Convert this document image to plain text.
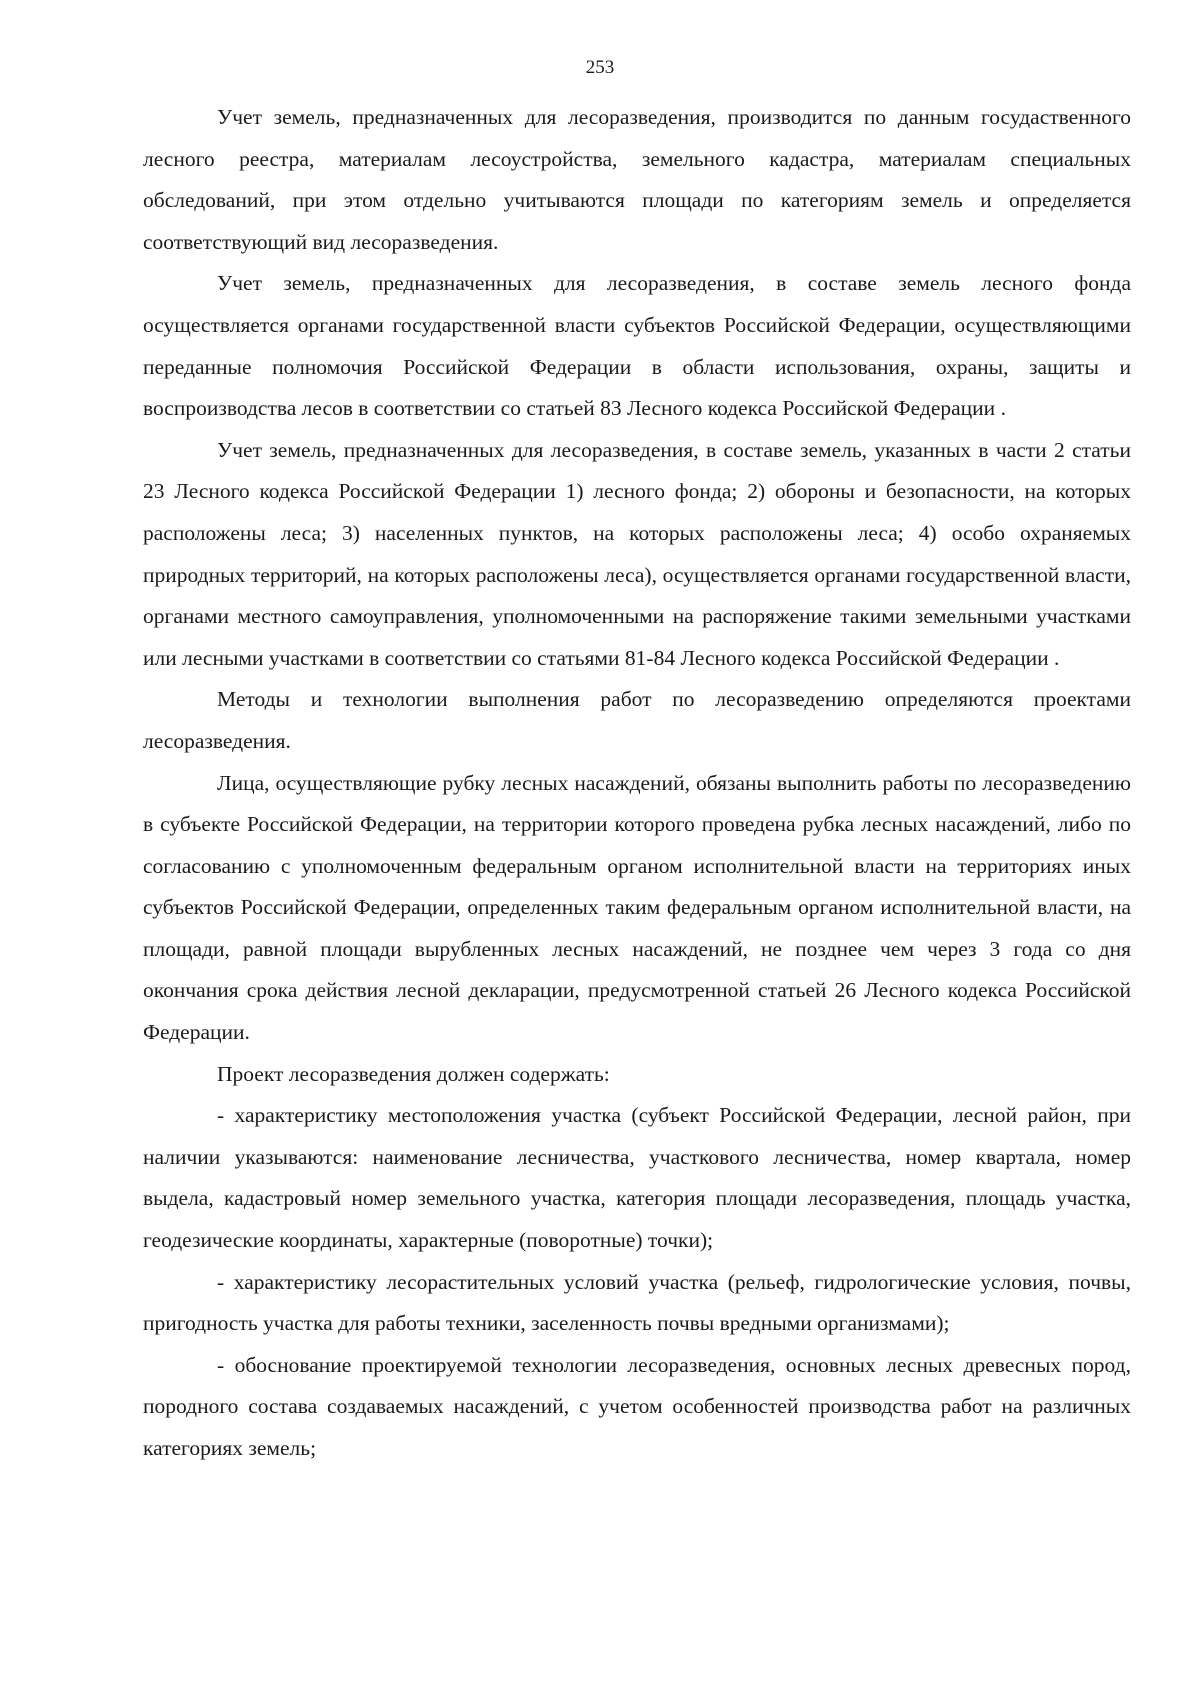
253

Учет земель, предназначенных для лесоразведения, производится по данным госудаственного лесного реестра, материалам лесоустройства, земельного кадастра, материалам специальных обследований, при этом отдельно учитываются площади по категориям земель и определяется соответствующий вид лесоразведения.

Учет земель, предназначенных для лесоразведения, в составе земель лесного фонда осуществляется органами государственной власти субъектов Российской Федерации, осуществляющими переданные полномочия Российской Федерации в области использования, охраны, защиты и воспроизводства лесов в соответствии со статьей 83 Лесного кодекса Российской Федерации .

Учет земель, предназначенных для лесоразведения, в составе земель, указанных в части 2 статьи 23 Лесного кодекса Российской Федерации 1) лесного фонда; 2) обороны и безопасности, на которых расположены леса; 3) населенных пунктов, на которых расположены леса; 4) особо охраняемых природных территорий, на которых расположены леса), осуществляется органами государственной власти, органами местного самоуправления, уполномоченными на распоряжение такими земельными участками или лесными участками в соответствии со статьями 81-84 Лесного кодекса Российской Федерации .

Методы и технологии выполнения работ по лесоразведению определяются проектами лесоразведения.

Лица, осуществляющие рубку лесных насаждений, обязаны выполнить работы по лесоразведению в субъекте Российской Федерации, на территории которого проведена рубка лесных насаждений, либо по согласованию с уполномоченным федеральным органом исполнительной власти на территориях иных субъектов Российской Федерации, определенных таким федеральным органом исполнительной власти, на площади, равной площади вырубленных лесных насаждений, не позднее чем через 3 года со дня окончания срока действия лесной декларации, предусмотренной статьей 26 Лесного кодекса Российской Федерации.

Проект лесоразведения должен содержать:

- характеристику местоположения участка (субъект Российской Федерации, лесной район, при наличии указываются: наименование лесничества, участкового лесничества, номер квартала, номер выдела, кадастровый номер земельного участка, категория площади лесоразведения, площадь участка, геодезические координаты, характерные (поворотные) точки);

- характеристику лесорастительных условий участка (рельеф, гидрологические условия, почвы, пригодность участка для работы техники, заселенность почвы вредными организмами);

- обоснование проектируемой технологии лесоразведения, основных лесных древесных пород, породного состава создаваемых насаждений, с учетом особенностей производства работ на различных категориях земель;
